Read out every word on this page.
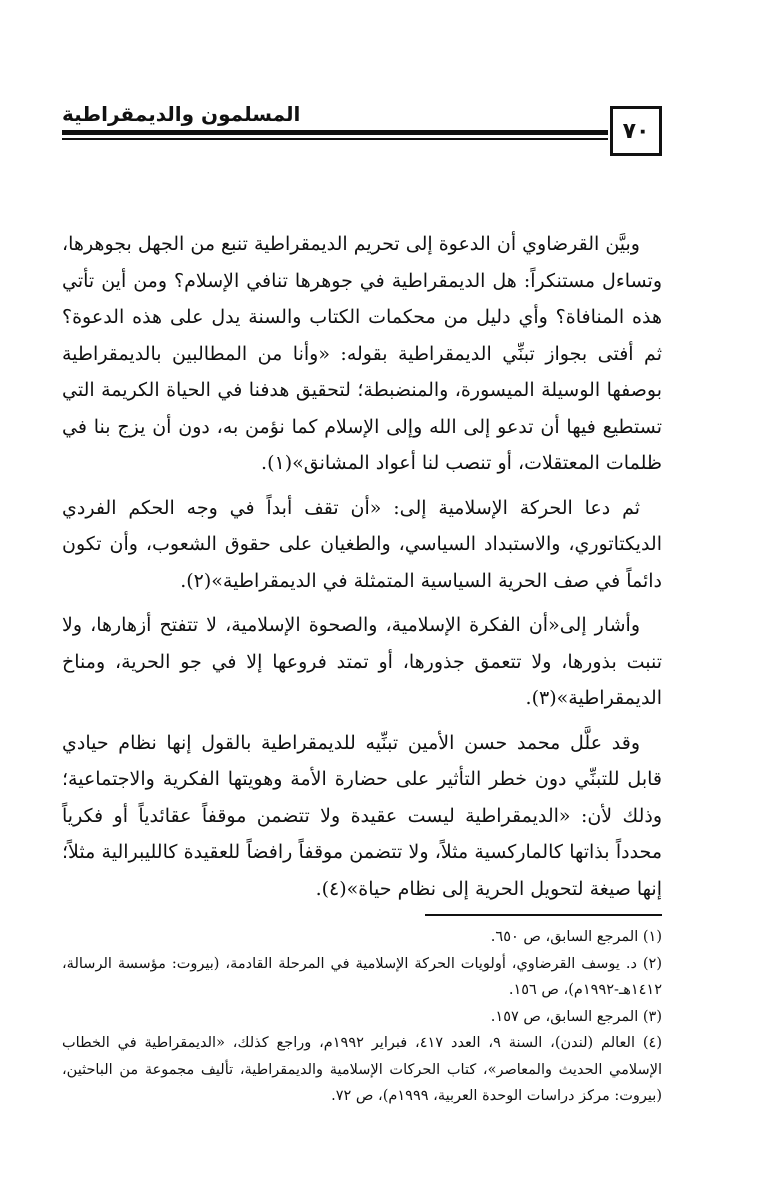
المسلمون والديمقراطية
٧٠

وبيَّن القرضاوي أن الدعوة إلى تحريم الديمقراطية تنبع من الجهل بجوهرها، وتساءل مستنكراً: هل الديمقراطية في جوهرها تنافي الإسلام؟ ومن أين تأتي هذه المنافاة؟ وأي دليل من محكمات الكتاب والسنة يدل على هذه الدعوة؟ ثم أفتى بجواز تبنِّي الديمقراطية بقوله: «وأنا من المطالبين بالديمقراطية بوصفها الوسيلة الميسورة، والمنضبطة؛ لتحقيق هدفنا في الحياة الكريمة التي تستطيع فيها أن تدعو إلى الله وإلى الإسلام كما نؤمن به، دون أن يزج بنا في ظلمات المعتقلات، أو تنصب لنا أعواد المشانق»(١).

ثم دعا الحركة الإسلامية إلى: «أن تقف أبداً في وجه الحكم الفردي الديكتاتوري، والاستبداد السياسي، والطغيان على حقوق الشعوب، وأن تكون دائماً في صف الحرية السياسية المتمثلة في الديمقراطية»(٢).

وأشار إلى«أن الفكرة الإسلامية، والصحوة الإسلامية، لا تتفتح أزهارها، ولا تنبت بذورها، ولا تتعمق جذورها، أو تمتد فروعها إلا في جو الحرية، ومناخ الديمقراطية»(٣).

وقد علَّل محمد حسن الأمين تبنِّيه للديمقراطية بالقول إنها نظام حيادي قابل للتبنِّي دون خطر التأثير على حضارة الأمة وهويتها الفكرية والاجتماعية؛ وذلك لأن: «الديمقراطية ليست عقيدة ولا تتضمن موقفاً عقائدياً أو فكرياً محدداً بذاتها كالماركسية مثلاً، ولا تتضمن موقفاً رافضاً للعقيدة كالليبرالية مثلاً؛ إنها صيغة لتحويل الحرية إلى نظام حياة»(٤).

(١) المرجع السابق، ص ٦٥٠.

(٢) د. يوسف القرضاوي، أولويات الحركة الإسلامية في المرحلة القادمة، (بيروت: مؤسسة الرسالة، ١٤١٢هـ-١٩٩٢م)، ص ١٥٦.

(٣) المرجع السابق، ص ١٥٧.

(٤) العالم (لندن)، السنة ٩، العدد ٤١٧، فبراير ١٩٩٢م، وراجع كذلك، «الديمقراطية في الخطاب الإسلامي الحديث والمعاصر»، كتاب الحركات الإسلامية والديمقراطية، تأليف مجموعة من الباحثين، (بيروت: مركز دراسات الوحدة العربية، ١٩٩٩م)، ص ٧٢.
